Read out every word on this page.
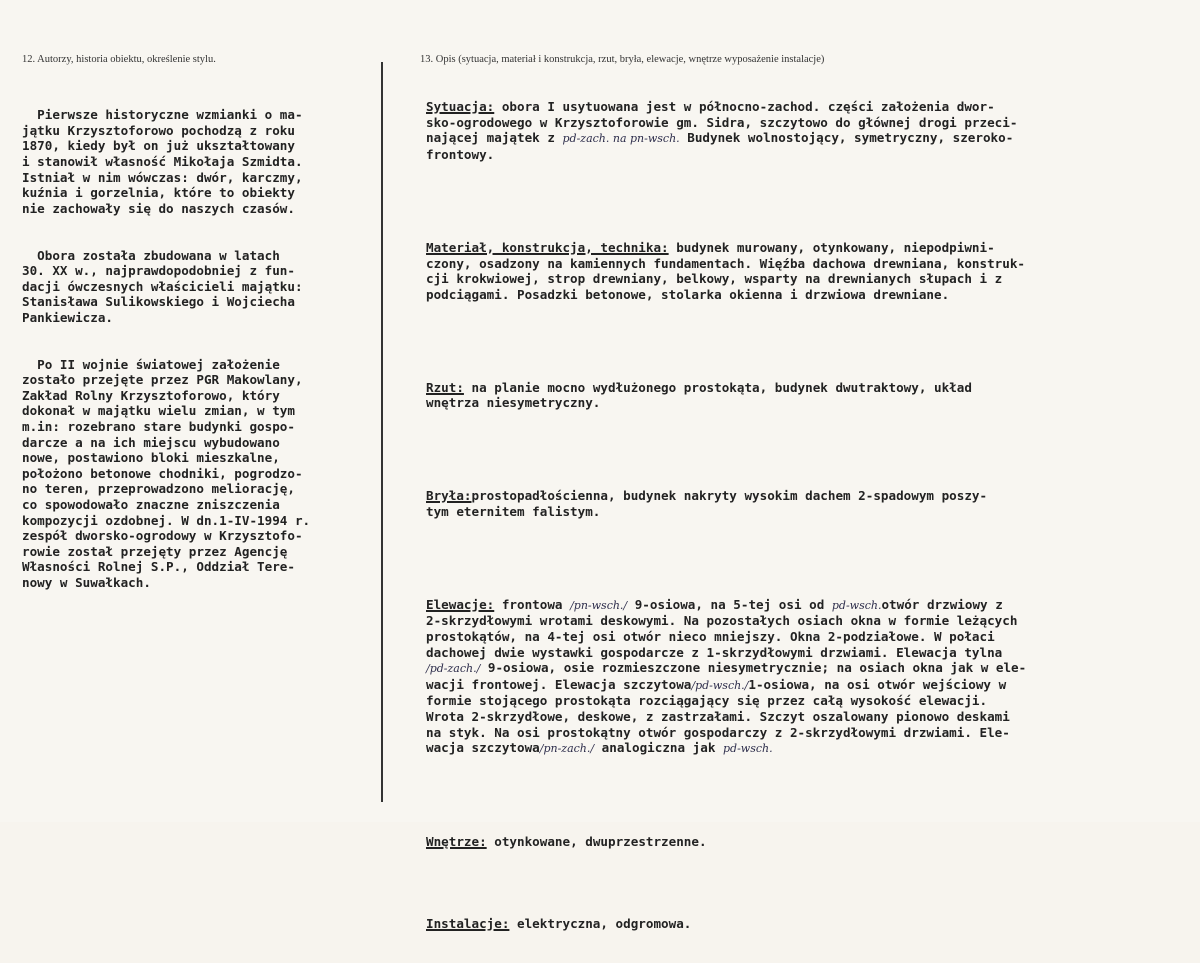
12. Autorzy, historia obiektu, określenie stylu.	13. Opis (sytuacja, materiał i konstrukcja, rzut, bryła, elewacje, wnętrze wyposażenie instalacje)

Pierwsze historyczne wzmianki o ma-
jątku Krzysztoforowo pochodzą z roku
1870, kiedy był on już ukształtowany
i stanowił własność Mikołaja Szmidta.
Istniał w nim wówczas: dwór, karczmy,
kuźnia i gorzelnia, które to obiekty
nie zachowały się do naszych czasów.

Obora została zbudowana w latach
30. XX w., najprawdopodobniej z fun-
dacji ówczesnych właścicieli majątku:
Stanisława Sulikowskiego i Wojciecha
Pankiewicza.

Po II wojnie światowej założenie
zostało przejęte przez PGR Makowlany,
Zakład Rolny Krzysztoforowo, który
dokonał w majątku wielu zmian, w tym
m.in: rozebrano stare budynki gospo-
darcze a na ich miejscu wybudowano
nowe, postawiono bloki mieszkalne,
położono betonowe chodniki, pogrodzo-
no teren, przeprowadzono meliorację,
co spowodowało znaczne zniszczenia
kompozycji ozdobnej. W dn.1-IV-1994 r.
zespół dworsko-ogrodowy w Krzysztofo-
rowie został przejęty przez Agencję
Własności Rolnej S.P., Oddział Tere-
nowy w Suwałkach.

Sytuacja: obora I usytuowana jest w północno-zachod. części założenia dwor-
sko-ogrodowego w Krzysztoforowie gm. Sidra, szczytowo do głównej drogi przeci-
nającej majątek z pd-zach. na pn-wsch. Budynek wolnostojący, symetryczny, szeroko-
frontowy.

Materiał, konstrukcja, technika: budynek murowany, otynkowany, niepodpiwni-
czony, osadzony na kamiennych fundamentach. Więźba dachowa drewniana, konstruk-
cji krokwiowej, strop drewniany, belkowy, wsparty na drewnianych słupach i z
podciągami. Posadzki betonowe, stolarka okienna i drzwiowa drewniane.

Rzut: na planie mocno wydłużonego prostokąta, budynek dwutraktowy, układ
wnętrza niesymetryczny.

Bryła:prostopadłościenna, budynek nakryty wysokim dachem 2-spadowym poszy-
tym eternitem falistym.

Elewacje: frontowa /pn-wsch./ 9-osiowa, na 5-tej osi od pd-wsch.otwór drzwiowy z
2-skrzydłowymi wrotami deskowymi. Na pozostałych osiach okna w formie leżących
prostokątów, na 4-tej osi otwór nieco mniejszy. Okna 2-podziałowe. W połaci
dachowej dwie wystawki gospodarcze z 1-skrzydłowymi drzwiami. Elewacja tylna
/pd-zach./ 9-osiowa, osie rozmieszczone niesymetrycznie; na osiach okna jak w ele-
wacji frontowej. Elewacja szczytowa/pd-wsch./1-osiowa, na osi otwór wejściowy w
formie stojącego prostokąta rozciągający się przez całą wysokość elewacji.
Wrota 2-skrzydłowe, deskowe, z zastrzałami. Szczyt oszalowany pionowo deskami
na styk. Na osi prostokątny otwór gospodarczy z 2-skrzydłowymi drzwiami. Ele-
wacja szczytowa/pn-zach./ analogiczna jak pd-wsch.

Wnętrze: otynkowane, dwuprzestrzenne.

Instalacje: elektryczna, odgromowa.
